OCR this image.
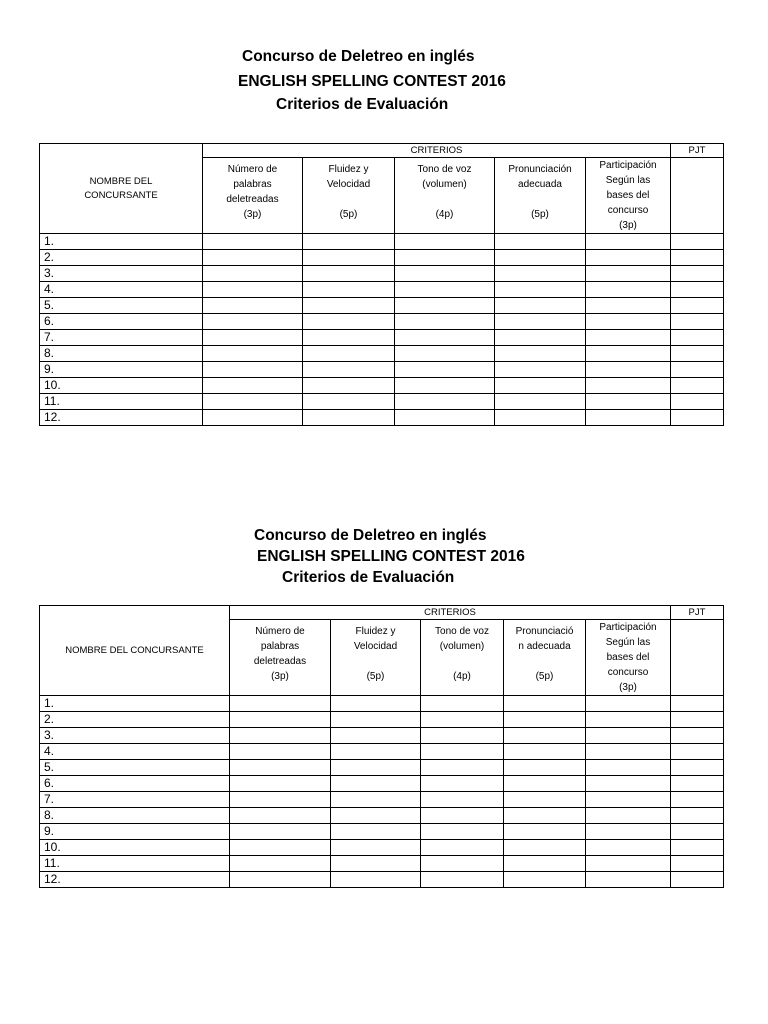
Concurso de Deletreo en inglés
ENGLISH SPELLING CONTEST 2016
Criterios de Evaluación
NOMBRE DEL
CONCURSANTE	CRITERIOS					PJT
	Número de
palabras
deletreadas
(3p)	Fluidez y
Velocidad
(5p)	Tono de voz
(volumen)
(4p)	Pronunciación
adecuada
(5p)	Participación
Según las
bases del
concurso
(3p)	

1.						
2.						
3.						
4.						
5.						
6.						
7.						
8.						
9.						
10.						
11.						
12.						
Concurso de Deletreo en inglés
ENGLISH SPELLING CONTEST 2016
Criterios de Evaluación
NOMBRE DEL CONCURSANTE	CRITERIOS					PJT
	Número de
palabras
deletreadas
(3p)	Fluidez y
Velocidad
(5p)	Tono de voz
(volumen)
(4p)	Pronunciació
n adecuada
(5p)	Participación
Según las
bases del
concurso
(3p)	

1.						
2.						
3.						
4.						
5.						
6.						
7.						
8.						
9.						
10.						
11.						
12.						
